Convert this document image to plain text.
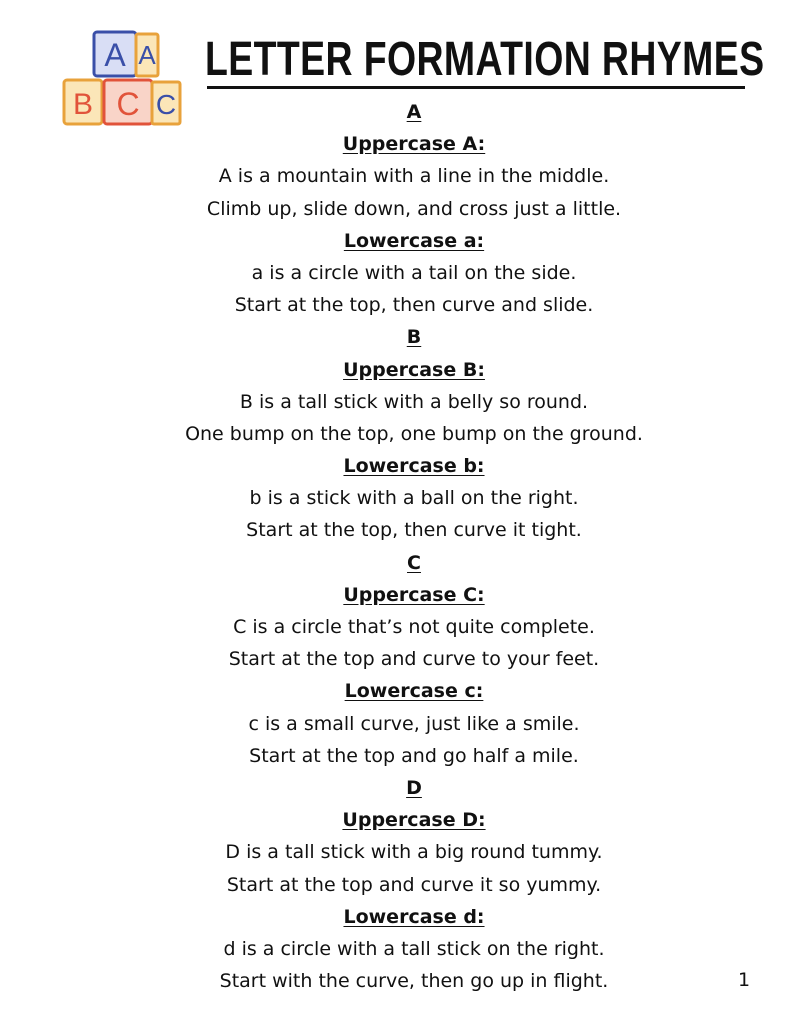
A A
B C C
LETTER FORMATION RHYMES
A
Uppercase A:
A is a mountain with a line in the middle.
Climb up, slide down, and cross just a little.
Lowercase a:
a is a circle with a tail on the side.
Start at the top, then curve and slide.
B
Uppercase B:
B is a tall stick with a belly so round.
One bump on the top, one bump on the ground.
Lowercase b:
b is a stick with a ball on the right.
Start at the top, then curve it tight.
C
Uppercase C:
C is a circle that’s not quite complete.
Start at the top and curve to your feet.
Lowercase c:
c is a small curve, just like a smile.
Start at the top and go half a mile.
D
Uppercase D:
D is a tall stick with a big round tummy.
Start at the top and curve it so yummy.
Lowercase d:
d is a circle with a tall stick on the right.
Start with the curve, then go up in flight.	1
